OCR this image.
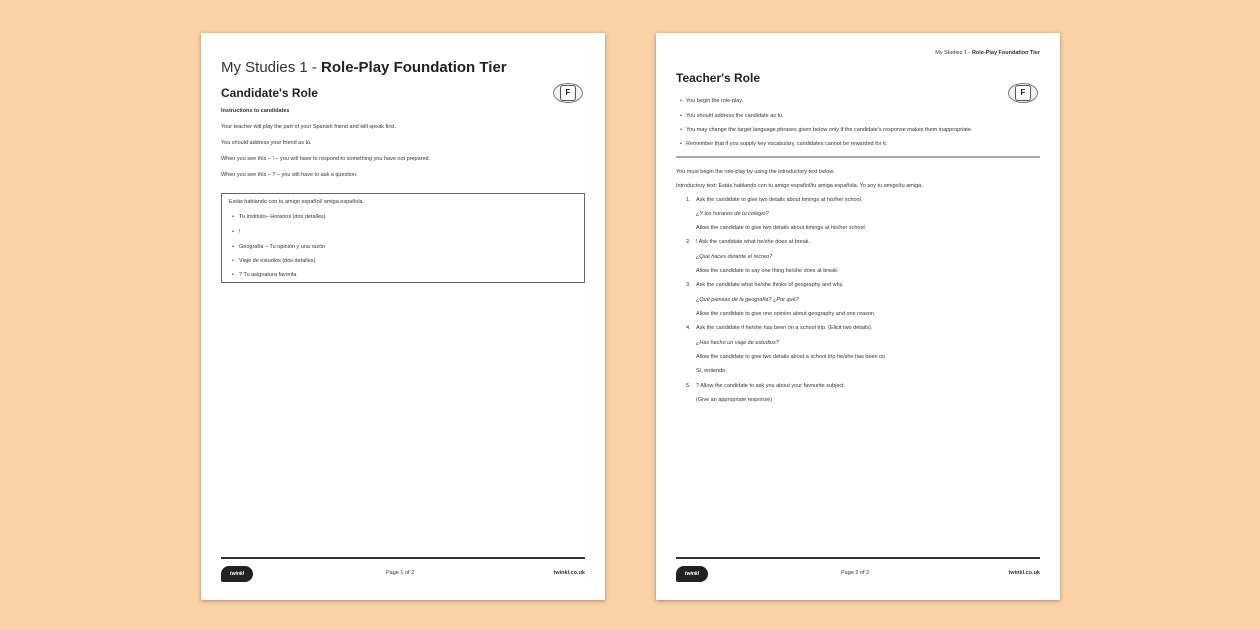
My Studies 1 - Role-Play Foundation Tier
Candidate's Role	F
Instructions to candidates
Your teacher will play the part of your Spanish friend and will speak first.
You should address your friend as tú.
When you see this – ! – you will have to respond to something you have not prepared.
When you see this – ? – you will have to ask a question.
Estás hablando con tu amigo español/ amiga española.
• Tu instituto– Horarios (dos detalles)
• !
• Geografía – Tu opinión y una razón
• Viaje de estudios (dos detalles)
• ? Tu asignatura favorita
twinkl	Page 1 of 2	twinkl.co.uk
My Studies 1 - Role-Play Foundation Tier
Teacher's Role
F
• You begin the role-play.
• You should address the candidate as tú.
• You may change the target language phrases given below only if the candidate's response makes them inappropriate.
• Remember that if you supply key vocabulary, candidates cannot be rewarded for it.
You must begin the role-play by using the introductory text below.
Introductory text: Estás hablando con tu amigo español/tu amiga española. Yo soy tu amigo/tu amiga.
1. Ask the candidate to give two details about timings at his/her school.
¿Y los horarios de tu colegio?
Allow the candidate to give two details about timings at his/her school.
2. ! Ask the candidate what he/she does at break.
¿Qué haces durante el recreo?
Allow the candidate to say one thing he/she does at break.
3. Ask the candidate what he/she thinks of geography and why.
¿Qué piensas de la geografía? ¿Por qué?
Allow the candidate to give one opinion about geography and one reason.
4. Ask the candidate if he/she has been on a school trip. (Elicit two details).
¿Has hecho un viaje de estudios?
Allow the candidate to give two details about a school trip he/she has been on.
Sí, entiendo.
5. ? Allow the candidate to ask you about your favourite subject.
(Give an appropriate response)
twinkl	Page 2 of 2	twinkl.co.uk
